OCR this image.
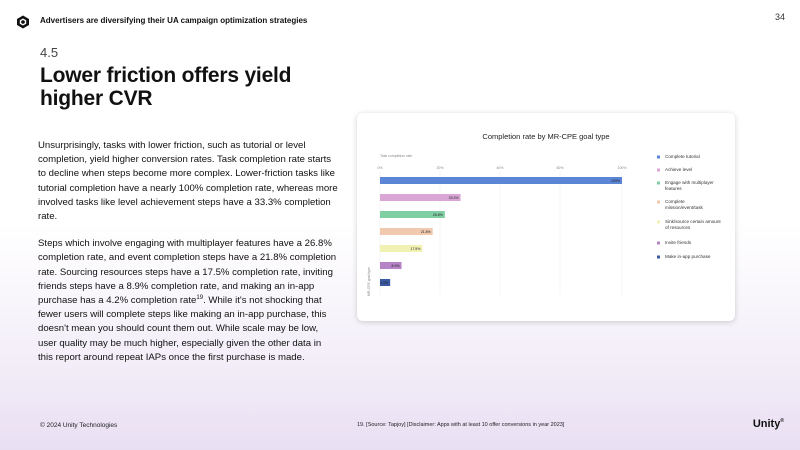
Advertisers are diversifying their UA campaign optimization strategies	34
4.5
Lower friction offers yield higher CVR

Unsurprisingly, tasks with lower friction, such as tutorial or level completion, yield higher conversion rates. Task completion rate starts to decline when steps become more complex. Lower-friction tasks like tutorial completion have a nearly 100% completion rate, whereas more involved tasks like level achievement steps have a 33.3% completion rate.

Steps which involve engaging with multiplayer features have a 26.8% completion rate, and event completion steps have a 21.8% completion rate. Sourcing resources steps have a 17.5% completion rate, inviting friends steps have a 8.9% completion rate, and making an in-app purchase has a 4.2% completion rate$^{19}$. While it's not shocking that fewer users will complete steps like making an in-app purchase, this doesn't mean you should count them out. While scale may be low, user quality may be much higher, especially given the other data in this report around repeat IAPs once the first purchase is made.

Completion rate by MR-CPE goal type
Task completion rate
0%	20%	40%	60%	100%
MR-CPE goal type
100%
33.3%
26.8%
21.8%
17.5%
8.9%
4.2%
Complete tutorial
Achieve level
Engage with multiplayer features
Complete mission/event/task
Sink/source certain amount of resources
Invite friends
Make in-app purchase
© 2024 Unity Technologies	19. [Source: Tapjoy] [Disclaimer: Apps with at least 10 offer conversions in year 2023]	Unity®
